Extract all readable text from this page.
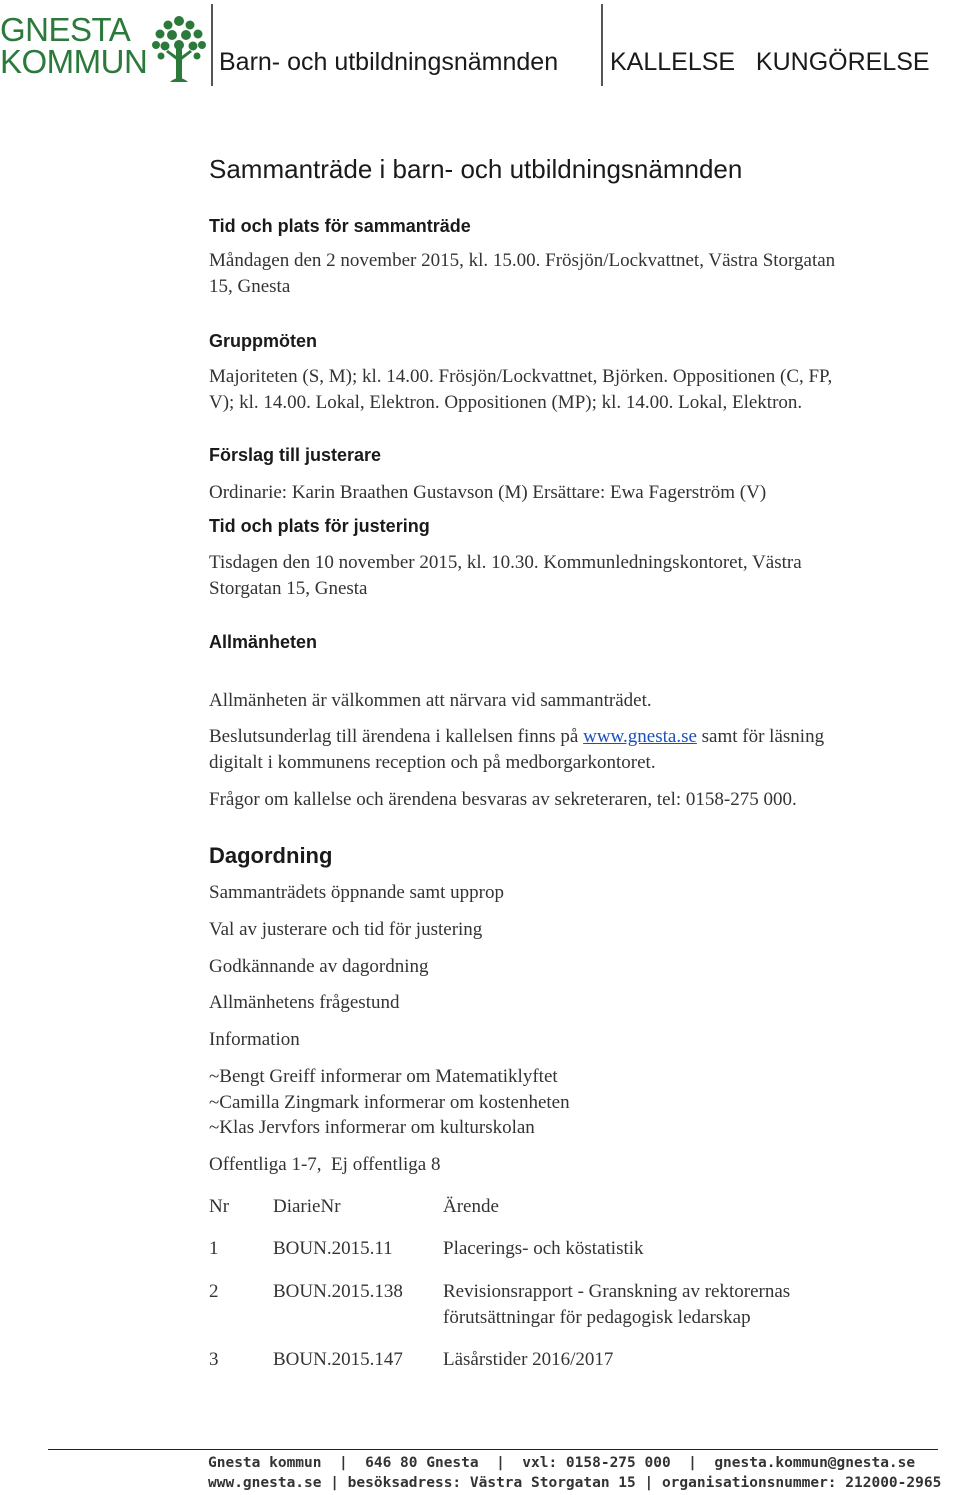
GNESTA
KOMMUN	Barn- och utbildningsnämnden KALLELSE   KUNGÖRELSE
Sammanträde i barn- och utbildningsnämnden
Tid och plats för sammanträde
Måndagen den 2 november 2015, kl. 15.00. Frösjön/Lockvattnet, Västra Storgatan
15, Gnesta
Gruppmöten
Majoriteten (S, M); kl. 14.00. Frösjön/Lockvattnet, Björken. Oppositionen (C, FP,
V); kl. 14.00. Lokal, Elektron. Oppositionen (MP); kl. 14.00. Lokal, Elektron.
Förslag till justerare
Ordinarie: Karin Braathen Gustavson (M) Ersättare: Ewa Fagerström (V)
Tid och plats för justering
Tisdagen den 10 november 2015, kl. 10.30. Kommunledningskontoret, Västra
Storgatan 15, Gnesta
Allmänheten
Allmänheten är välkommen att närvara vid sammanträdet.
Beslutsunderlag till ärendena i kallelsen finns på www.gnesta.se samt för läsning
digitalt i kommunens reception och på medborgarkontoret.
Frågor om kallelse och ärendena besvaras av sekreteraren, tel: 0158-275 000.
Dagordning
Sammanträdets öppnande samt upprop
Val av justerare och tid för justering
Godkännande av dagordning
Allmänhetens frågestund
Information
~Bengt Greiff informerar om Matematiklyftet
~Camilla Zingmark informerar om kostenheten
~Klas Jervfors informerar om kulturskolan
Offentliga 1-7,  Ej offentliga 8
Nr DiarieNr	Ärende
1	BOUN.2015.11	Placerings- och köstatistik
2	BOUN.2015.138 Revisionsrapport - Granskning av rektorernas
förutsättningar för pedagogisk ledarskap
3	BOUN.2015.147 Läsårstider 2016/2017
Gnesta kommun  |  646 80 Gnesta  |  vxl: 0158-275 000  |  gnesta.kommun@gnesta.se
www.gnesta.se | besöksadress: Västra Storgatan 15 | organisationsnummer: 212000-2965
